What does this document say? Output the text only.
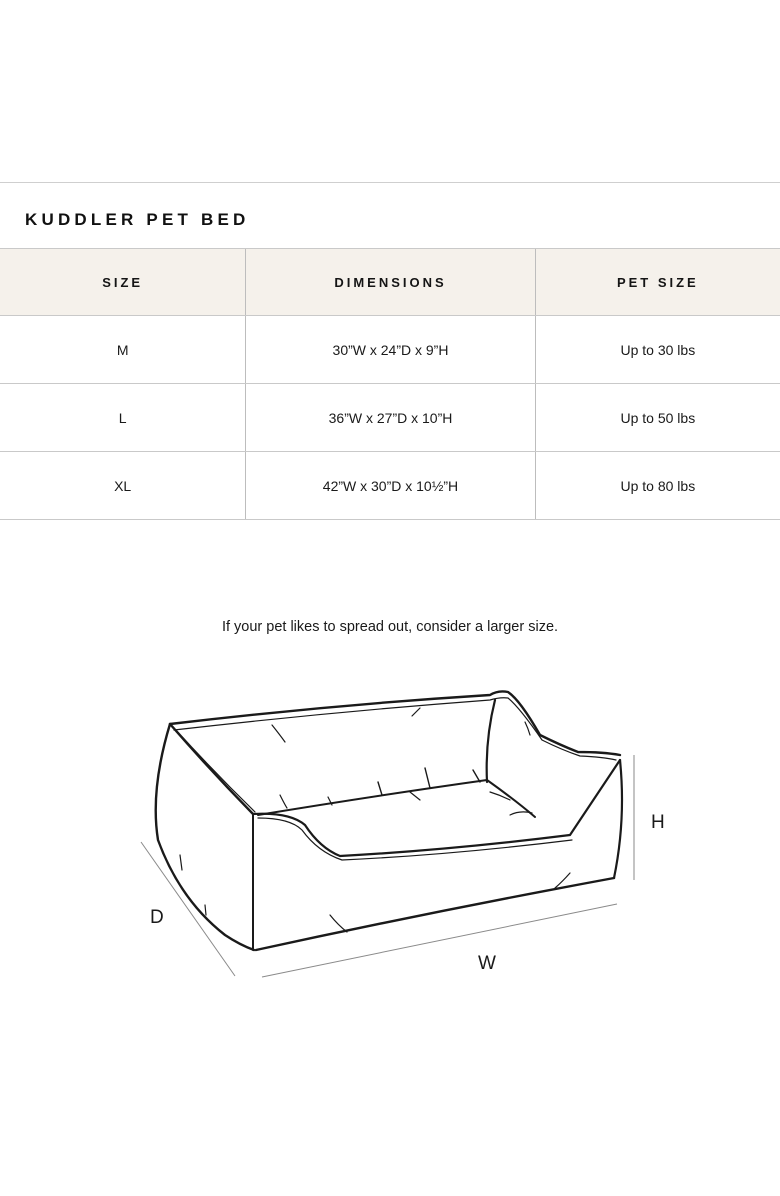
KUDDLER PET BED
SIZE	DIMENSIONS	PET SIZE
M	30”W x 24”D x 9”H	Up to 30 lbs
L	36”W x 27”D x 10”H	Up to 50 lbs
XL	42”W x 30”D x 10½”H	Up to 80 lbs
If your pet likes to spread out, consider a larger size.
D
W
H
